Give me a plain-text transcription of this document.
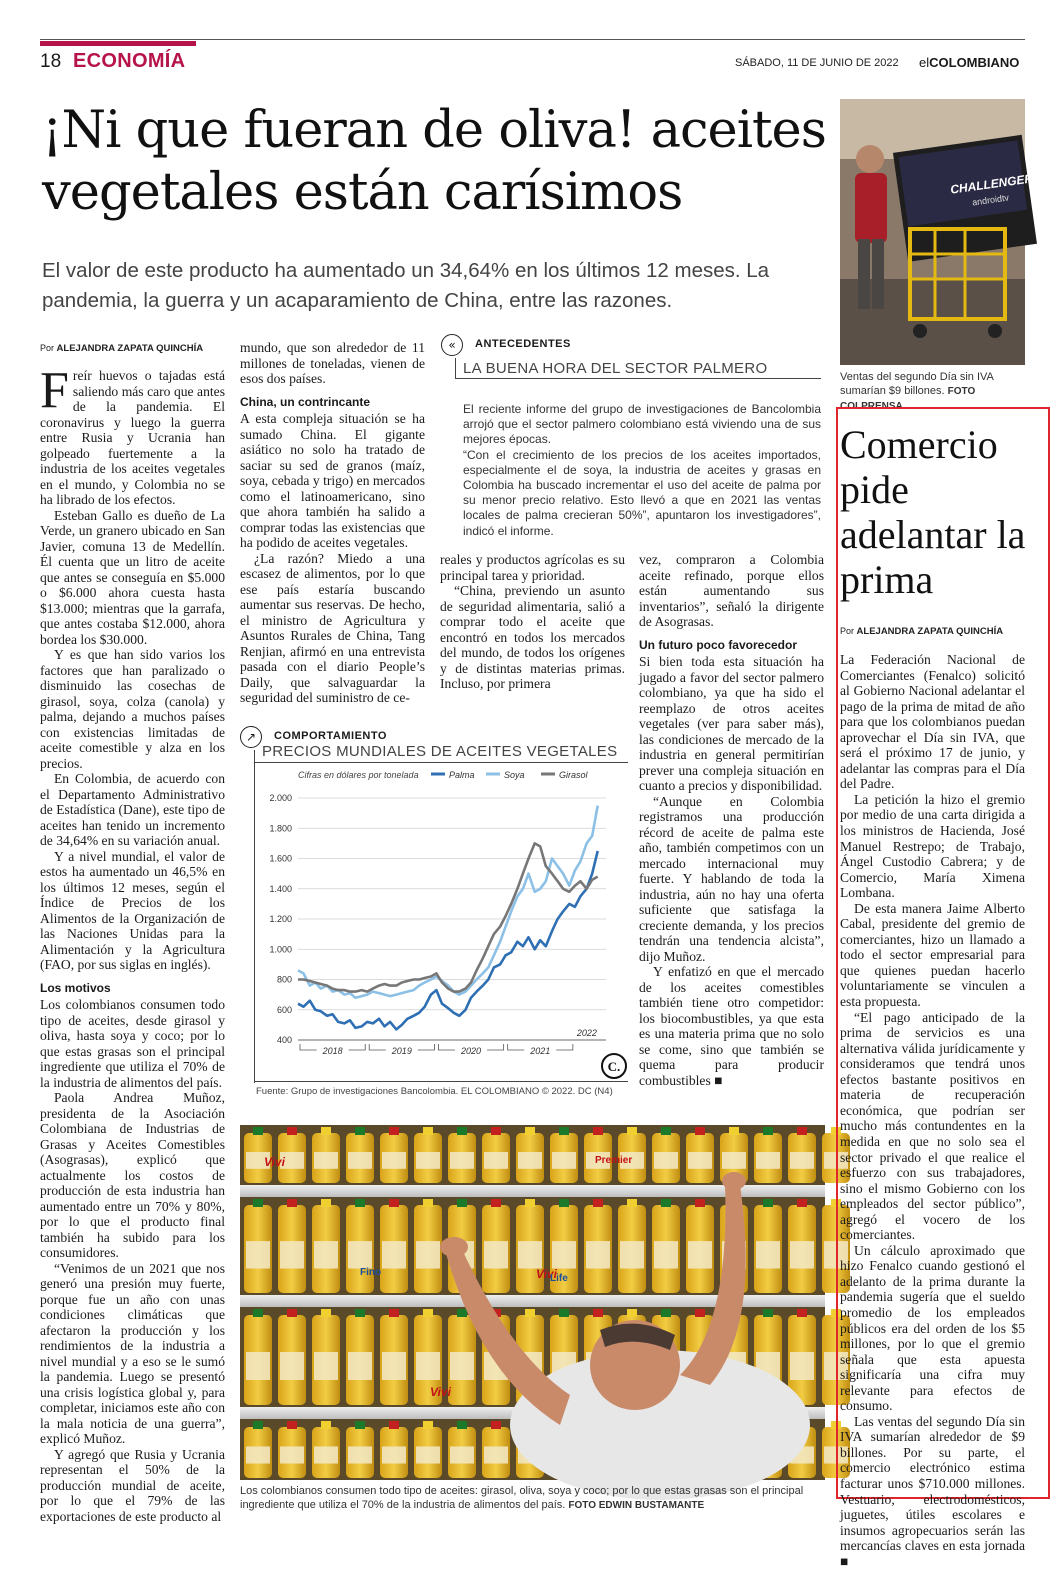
18 ECONOMÍA	SÁBADO, 11 DE JUNIO DE 2022 elCOLOMBIANO
¡Ni que fueran de oliva! aceites
vegetales están carísimos
El valor de este producto ha aumentado un 34,64% en los últimos 12 meses. La pandemia, la guerra y un acaparamiento de China, entre las razones.
Por ALEJANDRA ZAPATA QUINCHÍA

Freír huevos o tajadas está saliendo más caro que antes de la pandemia. El coronavirus y luego la guerra entre Rusia y Ucrania han golpeado fuertemente a la industria de los aceites vegetales en el mundo, y Colombia no se ha librado de los efectos.

Esteban Gallo es dueño de La Verde, un granero ubicado en San Javier, comuna 13 de Medellín. Él cuenta que un litro de aceite que antes se conseguía en $5.000 o $6.000 ahora cuesta hasta $13.000; mientras que la garrafa, que antes costaba $12.000, ahora bordea los $30.000.

Y es que han sido varios los factores que han paralizado o disminuido las cosechas de girasol, soya, colza (canola) y palma, dejando a muchos países con existencias limitadas de aceite comestible y alza en los precios.

En Colombia, de acuerdo con el Departamento Administrativo de Estadística (Dane), este tipo de aceites han tenido un incremento de 34,64% en su variación anual.

Y a nivel mundial, el valor de estos ha aumentado un 46,5% en los últimos 12 meses, según el Índice de Precios de los Alimentos de la Organización de las Naciones Unidas para la Alimentación y la Agricultura (FAO, por sus siglas en inglés).

Los motivos

Los colombianos consumen todo tipo de aceites, desde girasol y oliva, hasta soya y coco; por lo que estas grasas son el principal ingrediente que utiliza el 70% de la industria de alimentos del país.

Paola Andrea Muñoz, presidenta de la Asociación Colombiana de Industrias de Grasas y Aceites Comestibles (Asograsas), explicó que actualmente los costos de producción de esta industria han aumentado entre un 70% y 80%, por lo que el producto final también ha subido para los consumidores.

“Venimos de un 2021 que nos generó una presión muy fuerte, porque fue un año con unas condiciones climáticas que afectaron la producción y los rendimientos de la industria a nivel mundial y a eso se le sumó la pandemia. Luego se presentó una crisis logística global y, para completar, iniciamos este año con la mala noticia de una guerra”, explicó Muñoz.

Y agregó que Rusia y Ucrania representan el 50% de la producción mundial de aceite, por lo que el 79% de las exportaciones de este producto al

mundo, que son alrededor de 11 millones de toneladas, vienen de esos dos países.

China, un contrincante

A esta compleja situación se ha sumado China. El gigante asiático no solo ha tratado de saciar su sed de granos (maíz, soya, cebada y trigo) en mercados como el latinoamericano, sino que ahora también ha salido a comprar todas las existencias que ha podido de aceites vegetales.

¿La razón? Miedo a una escasez de alimentos, por lo que ese país estaría buscando aumentar sus reservas. De hecho, el ministro de Agricultura y Asuntos Rurales de China, Tang Renjian, afirmó en una entrevista pasada con el diario People’s Daily, que salvaguardar la seguridad del suministro de ce-

«	ANTECEDENTES
LA BUENA HORA DEL SECTOR PALMERO

El reciente informe del grupo de investigaciones de Bancolombia arrojó que el sector palmero colombiano está viviendo una de sus mejores épocas.

“Con el crecimiento de los precios de los aceites importados, especialmente el de soya, la industria de aceites y grasas en Colombia ha buscado incrementar el uso del aceite de palma por su menor precio relativo. Esto llevó a que en 2021 las ventas locales de palma crecieran 50%”, apuntaron los investigadores”, indicó el informe.

reales y productos agrícolas es su principal tarea y prioridad.

“China, previendo un asunto de seguridad alimentaria, salió a comprar todo el aceite que encontró en todos los mercados del mundo, de todos los orígenes y de distintas materias primas. Incluso, por primera

vez, compraron a Colombia aceite refinado, porque ellos están aumentando sus inventarios”, señaló la dirigente de Asograsas.

Un futuro poco favorecedor

Si bien toda esta situación ha jugado a favor del sector palmero colombiano, ya que ha sido el reemplazo de otros aceites vegetales (ver para saber más), las condiciones de mercado de la industria en general permitirían prever una compleja situación en cuanto a precios y disponibilidad.

“Aunque en Colombia registramos una producción récord de aceite de palma este año, también competimos con un mercado internacional muy fuerte. Y hablando de toda la industria, aún no hay una oferta suficiente que satisfaga la creciente demanda, y los precios tendrán una tendencia alcista”, dijo Muñoz.

Y enfatizó en que el mercado de los aceites comestibles también tiene otro competidor: los biocombustibles, ya que esta es una materia prima que no solo se come, sino que también se quema para producir combustibles ■

↗	COMPORTAMIENTO
PRECIOS MUNDIALES DE ACEITES VEGETALES
Cifras en dólares por tonelada	Palma	Soya	Girasol
2.000
1.800
1.600
1.400
1.200
1.000
800
600
400
2018	2019	2020	2021
2022
C.
Fuente: Grupo de investigaciones Bancolombia. EL COLOMBIANO © 2022. DC (N4)
Vivi
Vivi
Vivi
Premier
Life
Fino
Los colombianos consumen todo tipo de aceites: girasol, oliva, soya y coco; por lo que estas grasas son el principal ingrediente que utiliza el 70% de la industria de alimentos del país. FOTO EDWIN BUSTAMANTE
CHALLENGER
androidtv
Ventas del segundo Día sin IVA sumarían $9 billones. FOTO COLPRENSA
Comercio pide adelantar la prima
Por ALEJANDRA ZAPATA QUINCHÍA

La Federación Nacional de Comerciantes (Fenalco) solicitó al Gobierno Nacional adelantar el pago de la prima de mitad de año para que los colombianos puedan aprovechar el Día sin IVA, que será el próximo 17 de junio, y adelantar las compras para el Día del Padre.

La petición la hizo el gremio por medio de una carta dirigida a los ministros de Hacienda, José Manuel Restrepo; de Trabajo, Ángel Custodio Cabrera; y de Comercio, María Ximena Lombana.

De esta manera Jaime Alberto Cabal, presidente del gremio de comerciantes, hizo un llamado a todo el sector empresarial para que quienes puedan hacerlo voluntariamente se vinculen a esta propuesta.

“El pago anticipado de la prima de servicios es una alternativa válida jurídicamente y consideramos que tendrá unos efectos bastante positivos en materia de recuperación económica, que podrían ser mucho más contundentes en la medida en que no solo sea el sector privado el que realice el esfuerzo con sus trabajadores, sino el mismo Gobierno con los empleados del sector público”, agregó el vocero de los comerciantes.

Un cálculo aproximado que hizo Fenalco cuando gestionó el adelanto de la prima durante la pandemia sugería que el sueldo promedio de los empleados públicos era del orden de los $5 millones, por lo que el gremio señala que esta apuesta significaría una cifra muy relevante para efectos de consumo.

Las ventas del segundo Día sin IVA sumarían alrededor de $9 billones. Por su parte, el comercio electrónico estima facturar unos $710.000 millones. Vestuario, electrodomésticos, juguetes, útiles escolares e insumos agropecuarios serán las mercancías claves en esta jornada ■
